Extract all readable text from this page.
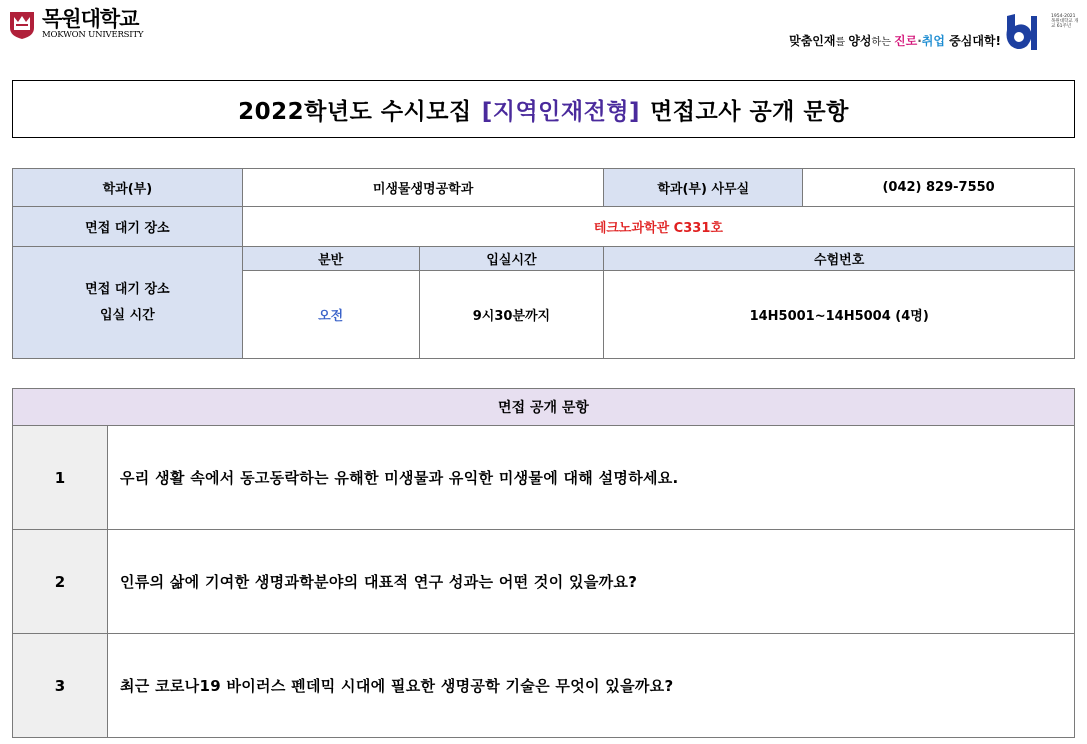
목원대학교
MOKWON UNIVERSITY	맞춤인재를 양성하는 진로·취업 중심대학!
1954-2021 목원대학교 개교 61주년
2022학년도 수시모집 [지역인재전형] 면접고사 공개 문항
학과(부)	미생물생명공학과		학과(부) 사무실	(042) 829-7550
면접 대기 장소	테크노과학관 C331호			

면접 대기 장소
입실 시간	분반	입실시간	수험번호	
	오전	9시30분까지	14H5001~14H5004 (4명)	
면접 공개 문항	
1	우리 생활 속에서 동고동락하는 유해한 미생물과 유익한 미생물에 대해 설명하세요.
2	인류의 삶에 기여한 생명과학분야의 대표적 연구 성과는 어떤 것이 있을까요?
3	최근 코로나19 바이러스 펜데믹 시대에 필요한 생명공학 기술은 무엇이 있을까요?
